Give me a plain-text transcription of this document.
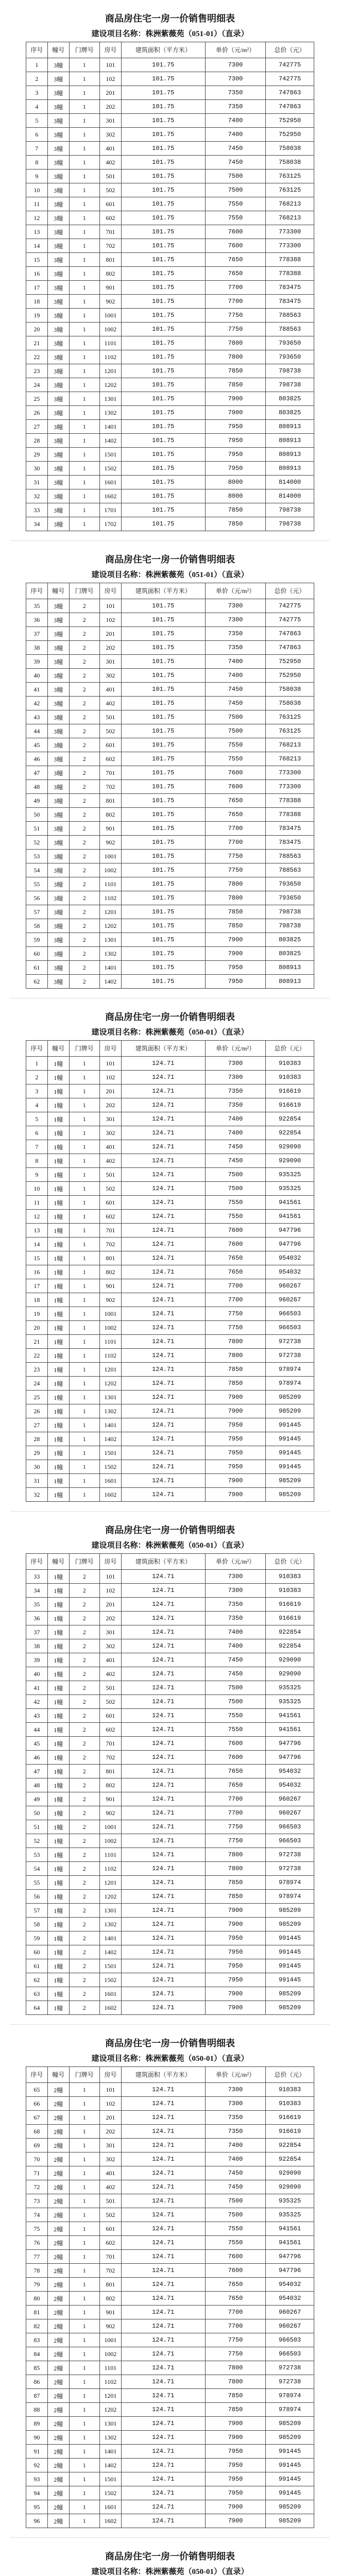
商品房住宅一房一价销售明细表
建设项目名称：株洲紫薇苑（051-01）（直录）
序号	幢号	门牌号	房号	建筑面积（平方米）	单价（元/m²）	总价（元）
1	3幢	1	101	101.75	7300	742775
2	3幢	1	102	101.75	7300	742775
3	3幢	1	201	101.75	7350	747863
4	3幢	1	202	101.75	7350	747863
5	3幢	1	301	101.75	7400	752950
6	3幢	1	302	101.75	7400	752950
7	3幢	1	401	101.75	7450	758038
8	3幢	1	402	101.75	7450	758038
9	3幢	1	501	101.75	7500	763125
10	3幢	1	502	101.75	7500	763125
11	3幢	1	601	101.75	7550	768213
12	3幢	1	602	101.75	7550	768213
13	3幢	1	701	101.75	7600	773300
14	3幢	1	702	101.75	7600	773300
15	3幢	1	801	101.75	7650	778388
16	3幢	1	802	101.75	7650	778388
17	3幢	1	901	101.75	7700	783475
18	3幢	1	902	101.75	7700	783475
19	3幢	1	1001	101.75	7750	788563
20	3幢	1	1002	101.75	7750	788563
21	3幢	1	1101	101.75	7800	793650
22	3幢	1	1102	101.75	7800	793650
23	3幢	1	1201	101.75	7850	798738
24	3幢	1	1202	101.75	7850	798738
25	3幢	1	1301	101.75	7900	803825
26	3幢	1	1302	101.75	7900	803825
27	3幢	1	1401	101.75	7950	808913
28	3幢	1	1402	101.75	7950	808913
29	3幢	1	1501	101.75	7950	808913
30	3幢	1	1502	101.75	7950	808913
31	3幢	1	1601	101.75	8000	814000
32	3幢	1	1602	101.75	8000	814000
33	3幢	1	1701	101.75	7850	798738
34	3幢	1	1702	101.75	7850	798738
商品房住宅一房一价销售明细表
建设项目名称：株洲紫薇苑（051-01）（直录）
序号	幢号	门牌号	房号	建筑面积（平方米）	单价（元/m²）	总价（元）
35	3幢	2	101	101.75	7300	742775
36	3幢	2	102	101.75	7300	742775
37	3幢	2	201	101.75	7350	747863
38	3幢	2	202	101.75	7350	747863
39	3幢	2	301	101.75	7400	752950
40	3幢	2	302	101.75	7400	752950
41	3幢	2	401	101.75	7450	758038
42	3幢	2	402	101.75	7450	758038
43	3幢	2	501	101.75	7500	763125
44	3幢	2	502	101.75	7500	763125
45	3幢	2	601	101.75	7550	768213
46	3幢	2	602	101.75	7550	768213
47	3幢	2	701	101.75	7600	773300
48	3幢	2	702	101.75	7600	773300
49	3幢	2	801	101.75	7650	778388
50	3幢	2	802	101.75	7650	778388
51	3幢	2	901	101.75	7700	783475
52	3幢	2	902	101.75	7700	783475
53	3幢	2	1001	101.75	7750	788563
54	3幢	2	1002	101.75	7750	788563
55	3幢	2	1101	101.75	7800	793650
56	3幢	2	1102	101.75	7800	793650
57	3幢	2	1201	101.75	7850	798738
58	3幢	2	1202	101.75	7850	798738
59	3幢	2	1301	101.75	7900	803825
60	3幢	2	1302	101.75	7900	803825
61	3幢	2	1401	101.75	7950	808913
62	3幢	2	1402	101.75	7950	808913
商品房住宅一房一价销售明细表
建设项目名称：株洲紫薇苑（050-01）（直录）
序号	幢号	门牌号	房号	建筑面积（平方米）	单价（元/m²）	总价（元）
1	1幢	1	101	124.71	7300	910383
2	1幢	1	102	124.71	7300	910383
3	1幢	1	201	124.71	7350	916619
4	1幢	1	202	124.71	7350	916619
5	1幢	1	301	124.71	7400	922854
6	1幢	1	302	124.71	7400	922854
7	1幢	1	401	124.71	7450	929090
8	1幢	1	402	124.71	7450	929090
9	1幢	1	501	124.71	7500	935325
10	1幢	1	502	124.71	7500	935325
11	1幢	1	601	124.71	7550	941561
12	1幢	1	602	124.71	7550	941561
13	1幢	1	701	124.71	7600	947796
14	1幢	1	702	124.71	7600	947796
15	1幢	1	801	124.71	7650	954032
16	1幢	1	802	124.71	7650	954032
17	1幢	1	901	124.71	7700	960267
18	1幢	1	902	124.71	7700	960267
19	1幢	1	1001	124.71	7750	966503
20	1幢	1	1002	124.71	7750	966503
21	1幢	1	1101	124.71	7800	972738
22	1幢	1	1102	124.71	7800	972738
23	1幢	1	1201	124.71	7850	978974
24	1幢	1	1202	124.71	7850	978974
25	1幢	1	1301	124.71	7900	985209
26	1幢	1	1302	124.71	7900	985209
27	1幢	1	1401	124.71	7950	991445
28	1幢	1	1402	124.71	7950	991445
29	1幢	1	1501	124.71	7950	991445
30	1幢	1	1502	124.71	7950	991445
31	1幢	1	1601	124.71	7900	985209
32	1幢	1	1602	124.71	7900	985209
商品房住宅一房一价销售明细表
建设项目名称：株洲紫薇苑（050-01）（直录）
序号	幢号	门牌号	房号	建筑面积（平方米）	单价（元/m²）	总价（元）
33	1幢	2	101	124.71	7300	910383
34	1幢	2	102	124.71	7300	910383
35	1幢	2	201	124.71	7350	916619
36	1幢	2	202	124.71	7350	916619
37	1幢	2	301	124.71	7400	922854
38	1幢	2	302	124.71	7400	922854
39	1幢	2	401	124.71	7450	929090
40	1幢	2	402	124.71	7450	929090
41	1幢	2	501	124.71	7500	935325
42	1幢	2	502	124.71	7500	935325
43	1幢	2	601	124.71	7550	941561
44	1幢	2	602	124.71	7550	941561
45	1幢	2	701	124.71	7600	947796
46	1幢	2	702	124.71	7600	947796
47	1幢	2	801	124.71	7650	954032
48	1幢	2	802	124.71	7650	954032
49	1幢	2	901	124.71	7700	960267
50	1幢	2	902	124.71	7700	960267
51	1幢	2	1001	124.71	7750	966503
52	1幢	2	1002	124.71	7750	966503
53	1幢	2	1101	124.71	7800	972738
54	1幢	2	1102	124.71	7800	972738
55	1幢	2	1201	124.71	7850	978974
56	1幢	2	1202	124.71	7850	978974
57	1幢	2	1301	124.71	7900	985209
58	1幢	2	1302	124.71	7900	985209
59	1幢	2	1401	124.71	7950	991445
60	1幢	2	1402	124.71	7950	991445
61	1幢	2	1501	124.71	7950	991445
62	1幢	2	1502	124.71	7950	991445
63	1幢	2	1601	124.71	7900	985209
64	1幢	2	1602	124.71	7900	985209
商品房住宅一房一价销售明细表
建设项目名称：株洲紫薇苑（050-01）（直录）
序号	幢号	门牌号	房号	建筑面积（平方米）	单价（元/m²）	总价（元）
65	2幢	1	101	124.71	7300	910383
66	2幢	1	102	124.71	7300	910383
67	2幢	1	201	124.71	7350	916619
68	2幢	1	202	124.71	7350	916619
69	2幢	1	301	124.71	7400	922854
70	2幢	1	302	124.71	7400	922854
71	2幢	1	401	124.71	7450	929090
72	2幢	1	402	124.71	7450	929090
73	2幢	1	501	124.71	7500	935325
74	2幢	1	502	124.71	7500	935325
75	2幢	1	601	124.71	7550	941561
76	2幢	1	602	124.71	7550	941561
77	2幢	1	701	124.71	7600	947796
78	2幢	1	702	124.71	7600	947796
79	2幢	1	801	124.71	7650	954032
80	2幢	1	802	124.71	7650	954032
81	2幢	1	901	124.71	7700	960267
82	2幢	1	902	124.71	7700	960267
83	2幢	1	1001	124.71	7750	966503
84	2幢	1	1002	124.71	7750	966503
85	2幢	1	1101	124.71	7800	972738
86	2幢	1	1102	124.71	7800	972738
87	2幢	1	1201	124.71	7850	978974
88	2幢	1	1202	124.71	7850	978974
89	2幢	1	1301	124.71	7900	985209
90	2幢	1	1302	124.71	7900	985209
91	2幢	1	1401	124.71	7950	991445
92	2幢	1	1402	124.71	7950	991445
93	2幢	1	1501	124.71	7950	991445
94	2幢	1	1502	124.71	7950	991445
95	2幢	1	1601	124.71	7900	985209
96	2幢	1	1602	124.71	7900	985209
商品房住宅一房一价销售明细表
建设项目名称：株洲紫薇苑（050-01）（直录）
